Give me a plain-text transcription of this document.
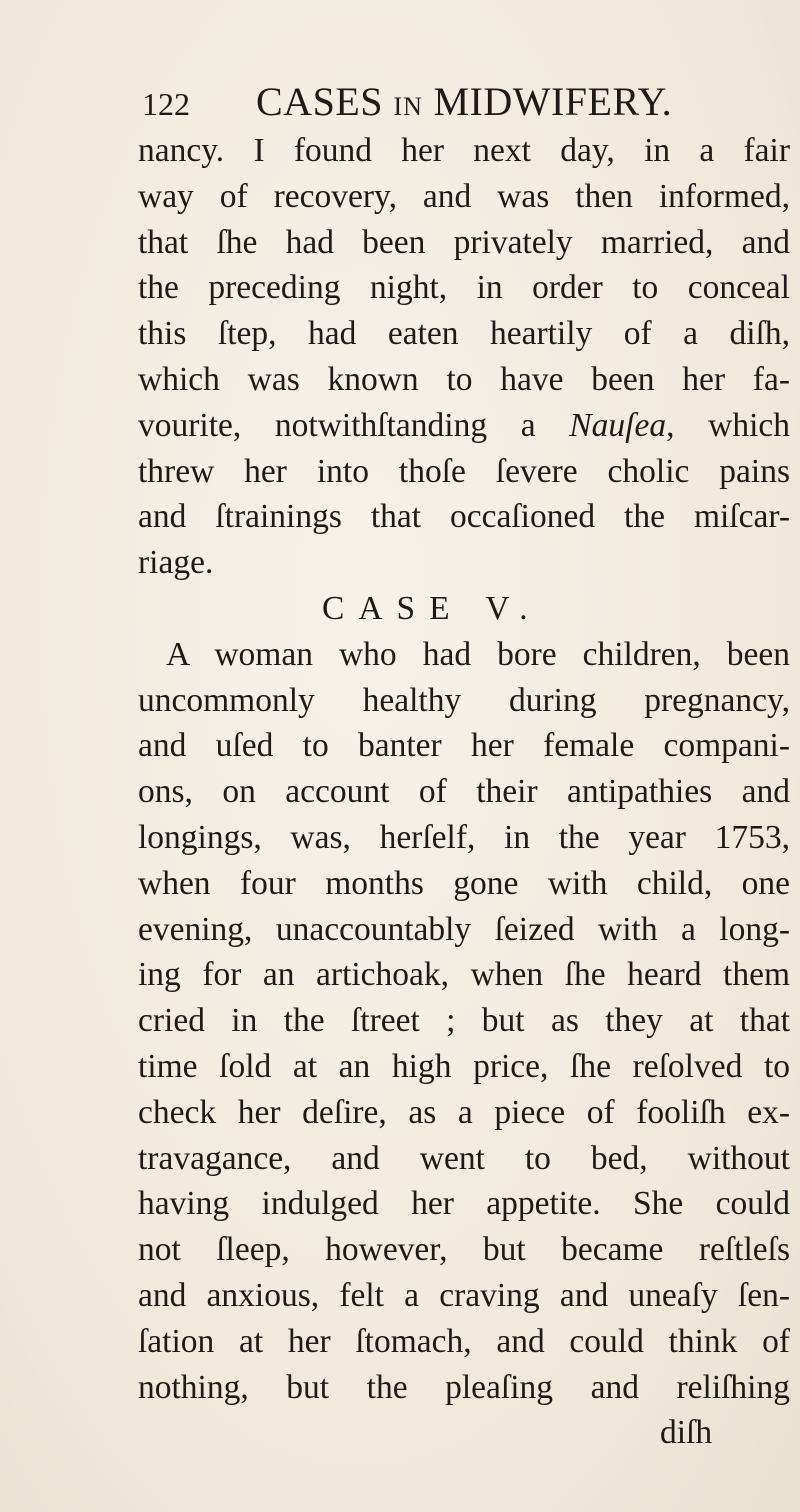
122 CASES IN MIDWIFERY.
nancy. I found her next day, in a fair
way of recovery, and was then informed,
that ſhe had been privately married, and
the preceding night, in order to conceal
this ſtep, had eaten heartily of a diſh,
which was known to have been her fa-
vourite, notwithſtanding a Nauſea, which
threw her into thoſe ſevere cholic pains
and ſtrainings that occaſioned the miſcar-
riage.
CASE V.
A woman who had bore children, been
uncommonly healthy during pregnancy,
and uſed to banter her female compani-
ons, on account of their antipathies and
longings, was, herſelf, in the year 1753,
when four months gone with child, one
evening, unaccountably ſeized with a long-
ing for an artichoak, when ſhe heard them
cried in the ſtreet ; but as they at that
time ſold at an high price, ſhe reſolved to
check her deſire, as a piece of fooliſh ex-
travagance, and went to bed, without
having indulged her appetite. She could
not ſleep, however, but became reſtleſs
and anxious, felt a craving and uneaſy ſen-
ſation at her ſtomach, and could think of
nothing, but the pleaſing and reliſhing
diſh
